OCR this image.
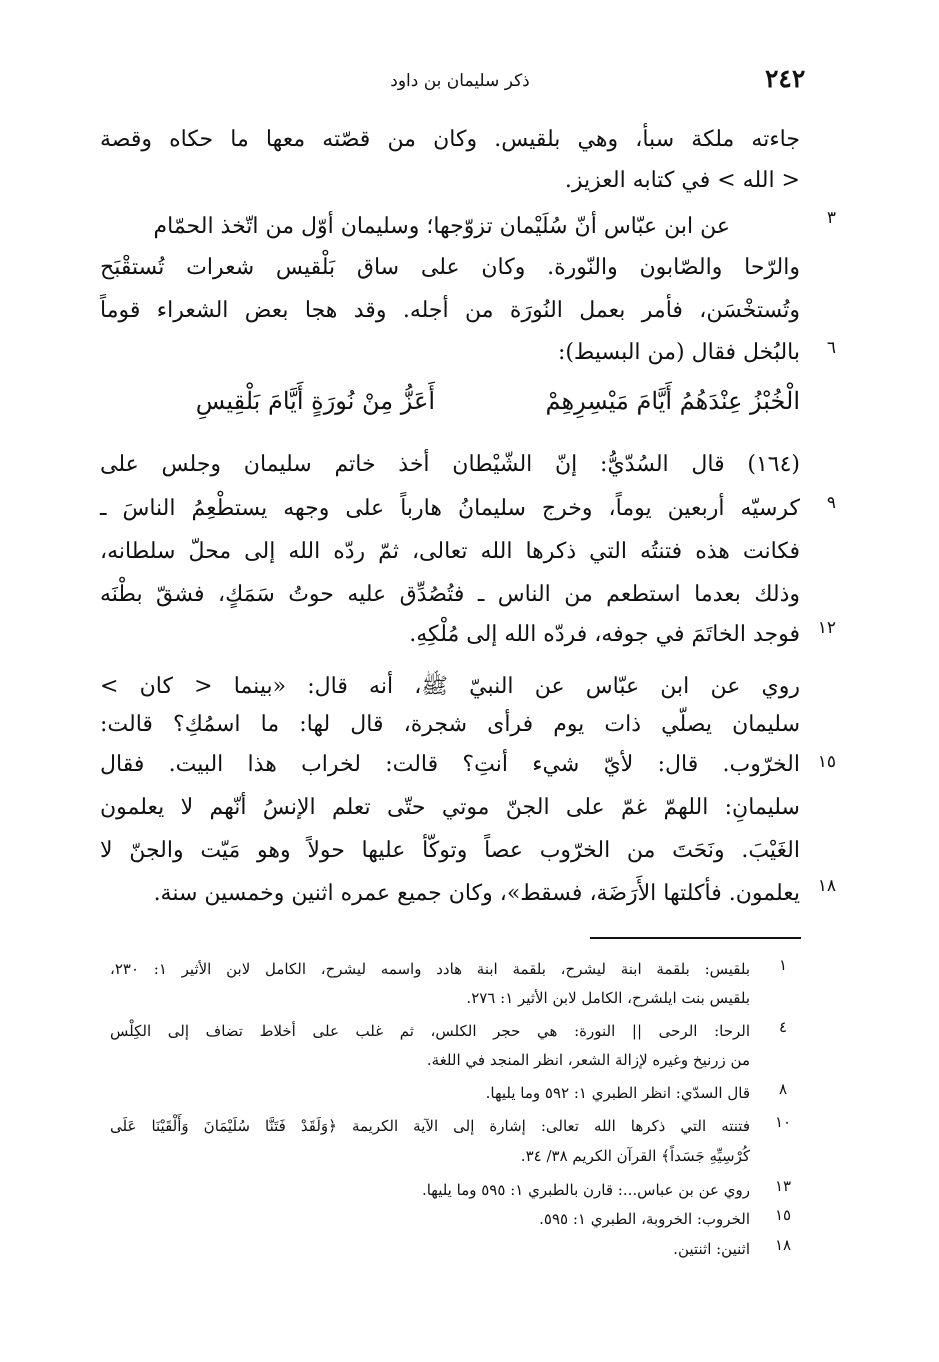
٢٤٢
ذكر سليمان بن داود
جاءته ملكة سبأ، وهي بلقيس. وكان من قصّته معها ما حكاه وقصة
< الله > في كتابه العزيز.
عن ابن عبّاس أنّ سُلَيْمان تزوّجها؛ وسليمان أوّل من اتّخذ الحمّام
والرّحا والصّابون والنّورة. وكان على ساق بَلْقيس شعرات تُستقْبَح
وتُستخْسَن، فأمر بعمل النُورَة من أجله. وقد هجا بعض الشعراء قوماً
بالبُخل فقال (من البسيط):
الْخُبْزُ عِنْدَهُمُ أَيَّامَ مَيْسِرِهِمْ
أَعَزُّ مِنْ نُورَةٍ أَيَّامَ بَلْقِيسِ
(١٦٤) قال السُدّيُّ: إنّ الشّيْطان أخذ خاتم سليمان وجلس على
كرسيّه أربعين يوماً، وخرج سليمانُ هارباً على وجهه يستطْعِمُ الناسَ ـ
فكانت هذه فتنتُه التي ذكرها الله تعالى، ثمّ ردّه الله إلى محلّ سلطانه،
وذلك بعدما استطعم من الناس ـ فتُصُدِّق عليه حوتُ سَمَكٍ، فشقّ بطْنَه
فوجد الخاتَمَ في جوفه، فردّه الله إلى مُلْكِهِ.
روي عن ابن عبّاس عن النبيّ ﷺ، أنه قال: «بينما < كان >
سليمان يصلّي ذات يوم فرأى شجرة، قال لها: ما اسمُكِ؟ قالت:
الخرّوب. قال: لأيّ شيء أنتِ؟ قالت: لخراب هذا البيت. فقال
سليمانِ: اللهمّ غمّ على الجنّ موتي حتّى تعلم الإنسُ أنّهم لا يعلمون
الغَيْبَ. ونَحَتَ من الخرّوب عصاً وتوكّأ عليها حولاً وهو مَيّت والجنّ لا
يعلمون. فأكلتها الأَرَضَة، فسقط»، وكان جميع عمره اثنين وخمسين سنة.
٣
٦
٩
١٢
١٥
١٨
١
بلقيس: بلقمة ابنة ليشرح، بلقمة ابنة هادد واسمه ليشرح، الكامل لابن الأثير ١: ٢٣٠،
بلقيس بنت ايلشرح، الكامل لابن الأثير ١: ٢٧٦.
٤
الرحا: الرحى || النورة: هي حجر الكلس، ثم غلب على أخلاط تضاف إلى الكِلْس
من زرنيخ وغيره لإزالة الشعر، انظر المنجد في اللغة.
٨
قال السدّي: انظر الطبري ١: ٥٩٢ وما يليها.
١٠
فتنته التي ذكرها الله تعالى: إشارة إلى الآية الكريمة ﴿وَلَقَدْ فَتَنَّا سُلَيْمَانَ وَأَلْقَيْنَا عَلَى
كُرْسِيِّهِ جَسَداً﴾ القرآن الكريم ٣٨/ ٣٤.
١٣
روي عن بن عباس...: قارن بالطبري ١: ٥٩٥ وما يليها.
١٥
الخروب: الخروبة، الطبري ١: ٥٩٥.
١٨
اثنين: اثنتين.
